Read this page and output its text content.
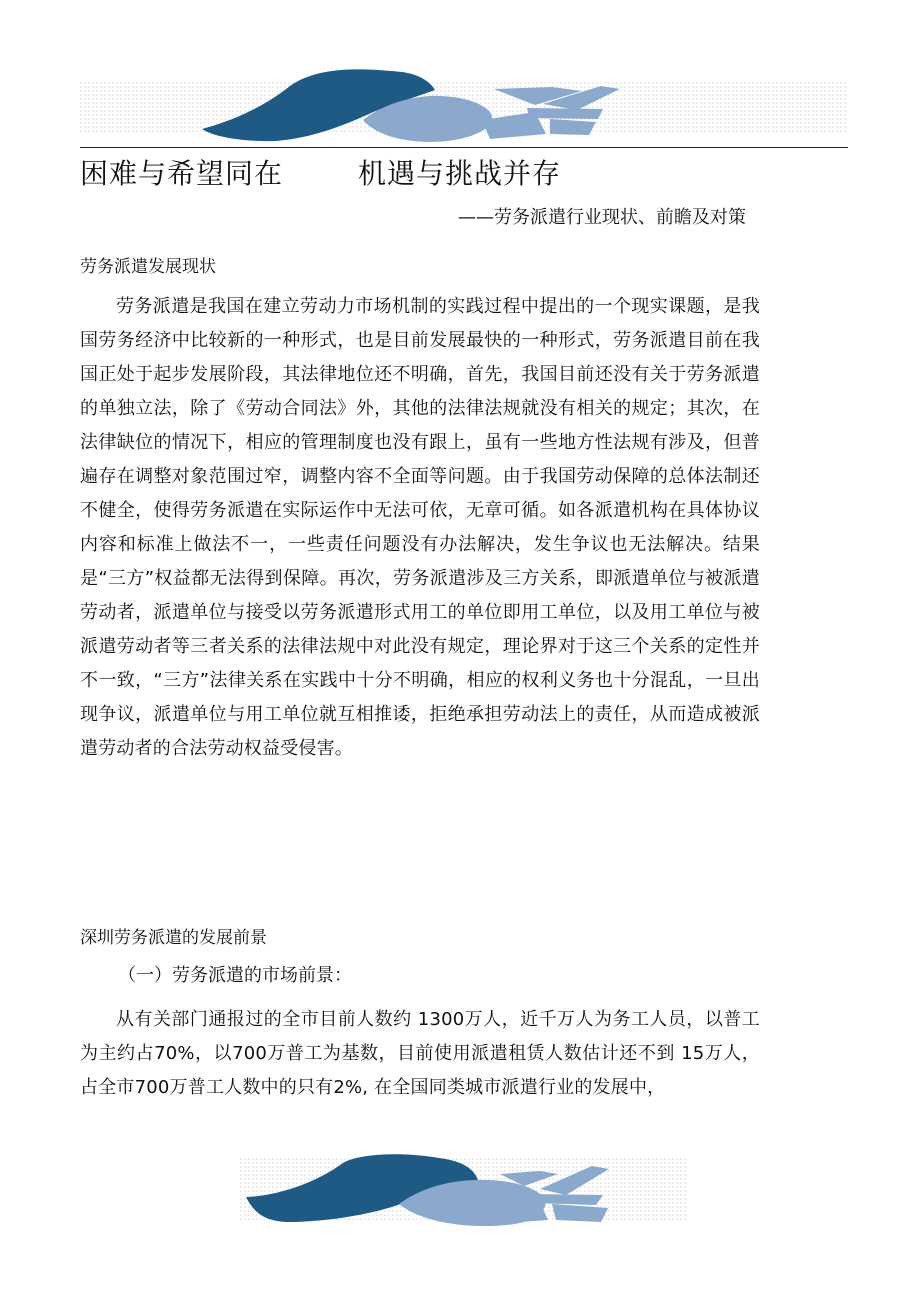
困难与希望同在	机遇与挑战并存
——劳务派遣行业现状、前瞻及对策
劳务派遣发展现状

劳务派遣是我国在建立劳动力市场机制的实践过程中提出的一个现实课题，是我国劳务经济中比较新的一种形式，也是目前发展最快的一种形式，劳务派遣目前在我国正处于起步发展阶段，其法律地位还不明确，首先，我国目前还没有关于劳务派遣的单独立法，除了《劳动合同法》外，其他的法律法规就没有相关的规定；其次，在法律缺位的情况下，相应的管理制度也没有跟上，虽有一些地方性法规有涉及，但普遍存在调整对象范围过窄，调整内容不全面等问题。由于我国劳动保障的总体法制还不健全，使得劳务派遣在实际运作中无法可依，无章可循。如各派遣机构在具体协议内容和标准上做法不一，一些责任问题没有办法解决，发生争议也无法解决。结果是“三方”权益都无法得到保障。再次，劳务派遣涉及三方关系，即派遣单位与被派遣劳动者，派遣单位与接受以劳务派遣形式用工的单位即用工单位，以及用工单位与被派遣劳动者等三者关系的法律法规中对此没有规定，理论界对于这三个关系的定性并不一致，“三方”法律关系在实践中十分不明确，相应的权利义务也十分混乱，一旦出现争议，派遣单位与用工单位就互相推诿，拒绝承担劳动法上的责任，从而造成被派遣劳动者的合法劳动权益受侵害。

深圳劳务派遣的发展前景
（一）劳务派遣的市场前景：

从有关部门通报过的全市目前人数约 1300万人，近千万人为务工人员，以普工为主约占70%，以700万普工为基数，目前使用派遣租赁人数估计还不到 15万人，占全市700万普工人数中的只有2%, 在全国同类城市派遣行业的发展中，
